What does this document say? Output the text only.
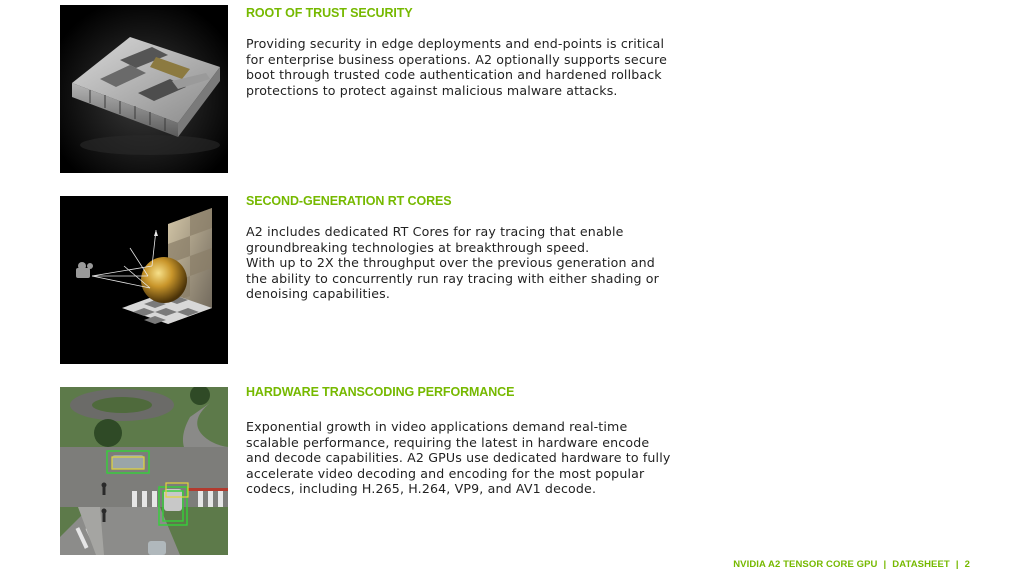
ROOT OF TRUST SECURITY
Providing security in edge deployments and end-points is critical
for enterprise business operations. A2 optionally supports secure
boot through trusted code authentication and hardened rollback
protections to protect against malicious malware attacks.
SECOND-GENERATION RT CORES
A2 includes dedicated RT Cores for ray tracing that enable
groundbreaking technologies at breakthrough speed.
With up to 2X the throughput over the previous generation and
the ability to concurrently run ray tracing with either shading or
denoising capabilities.
HARDWARE TRANSCODING PERFORMANCE
Exponential growth in video applications demand real-time
scalable performance, requiring the latest in hardware encode
and decode capabilities. A2 GPUs use dedicated hardware to fully
accelerate video decoding and encoding for the most popular
codecs, including H.265, H.264, VP9, and AV1 decode.
NVIDIA A2 TENSOR CORE GPU | DATASHEET | 2
